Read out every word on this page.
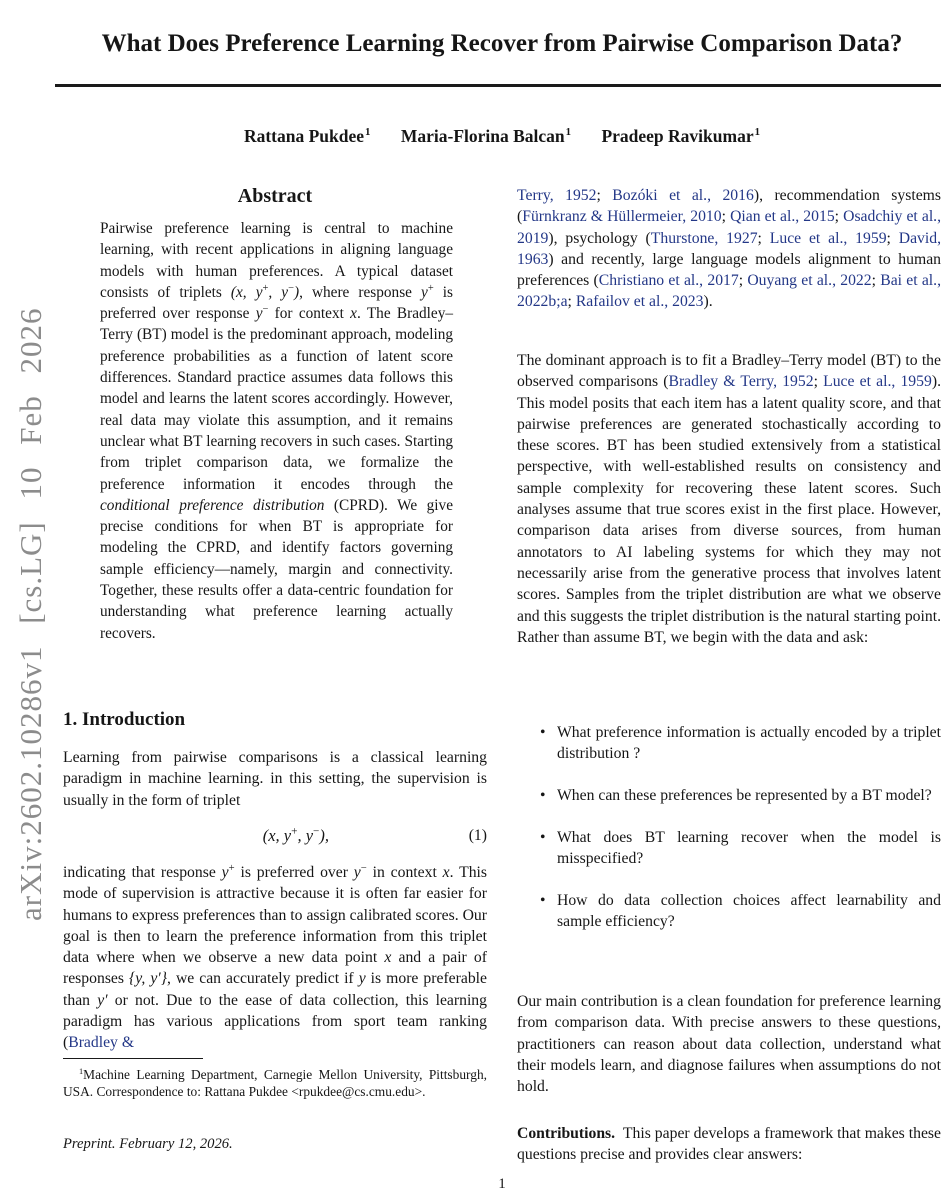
arXiv:2602.10286v1 [cs.LG] 10 Feb 2026
What Does Preference Learning Recover from Pairwise Comparison Data?
Rattana Pukdee$^1$ Maria-Florina Balcan$^1$ Pradeep Ravikumar$^1$
Abstract
Pairwise preference learning is central to machine learning, with recent applications in aligning language models with human preferences. A typical dataset consists of triplets (x, y+, y−), where response y+ is preferred over response y− for context x. The Bradley–Terry (BT) model is the predominant approach, modeling preference probabilities as a function of latent score differences. Standard practice assumes data follows this model and learns the latent scores accordingly. However, real data may violate this assumption, and it remains unclear what BT learning recovers in such cases. Starting from triplet comparison data, we formalize the preference information it encodes through the conditional preference distribution (CPRD). We give precise conditions for when BT is appropriate for modeling the CPRD, and identify factors governing sample efficiency—namely, margin and connectivity. Together, these results offer a data-centric foundation for understanding what preference learning actually recovers.
1. Introduction
Learning from pairwise comparisons is a classical learning paradigm in machine learning. in this setting, the supervision is usually in the form of triplet
(x, y+, y−),	(1)
indicating that response y+ is preferred over y− in context x. This mode of supervision is attractive because it is often far easier for humans to express preferences than to assign calibrated scores. Our goal is then to learn the preference information from this triplet data where when we observe a new data point x and a pair of responses {y, y′}, we can accurately predict if y is more preferable than y′ or not. Due to the ease of data collection, this learning paradigm has various applications from sport team ranking (Bradley &
$^1$Machine Learning Department, Carnegie Mellon University, Pittsburgh, USA. Correspondence to: Rattana Pukdee <rpukdee@cs.cmu.edu>.
Preprint. February 12, 2026.
Terry, 1952; Bozóki et al., 2016), recommendation systems (Fürnkranz & Hüllermeier, 2010; Qian et al., 2015; Osadchiy et al., 2019), psychology (Thurstone, 1927; Luce et al., 1959; David, 1963) and recently, large language models alignment to human preferences (Christiano et al., 2017; Ouyang et al., 2022; Bai et al., 2022b;a; Rafailov et al., 2023).
The dominant approach is to fit a Bradley–Terry model (BT) to the observed comparisons (Bradley & Terry, 1952; Luce et al., 1959). This model posits that each item has a latent quality score, and that pairwise preferences are generated stochastically according to these scores. BT has been studied extensively from a statistical perspective, with well-established results on consistency and sample complexity for recovering these latent scores. Such analyses assume that true scores exist in the first place. However, comparison data arises from diverse sources, from human annotators to AI labeling systems for which they may not necessarily arise from the generative process that involves latent scores. Samples from the triplet distribution are what we observe and this suggests the triplet distribution is the natural starting point. Rather than assume BT, we begin with the data and ask:
• What preference information is actually encoded by a triplet distribution ?
• When can these preferences be represented by a BT model?
• What does BT learning recover when the model is misspecified?
• How do data collection choices affect learnability and sample efficiency?
Our main contribution is a clean foundation for preference learning from comparison data. With precise answers to these questions, practitioners can reason about data collection, understand what their models learn, and diagnose failures when assumptions do not hold.
Contributions. This paper develops a framework that makes these questions precise and provides clear answers:
1
